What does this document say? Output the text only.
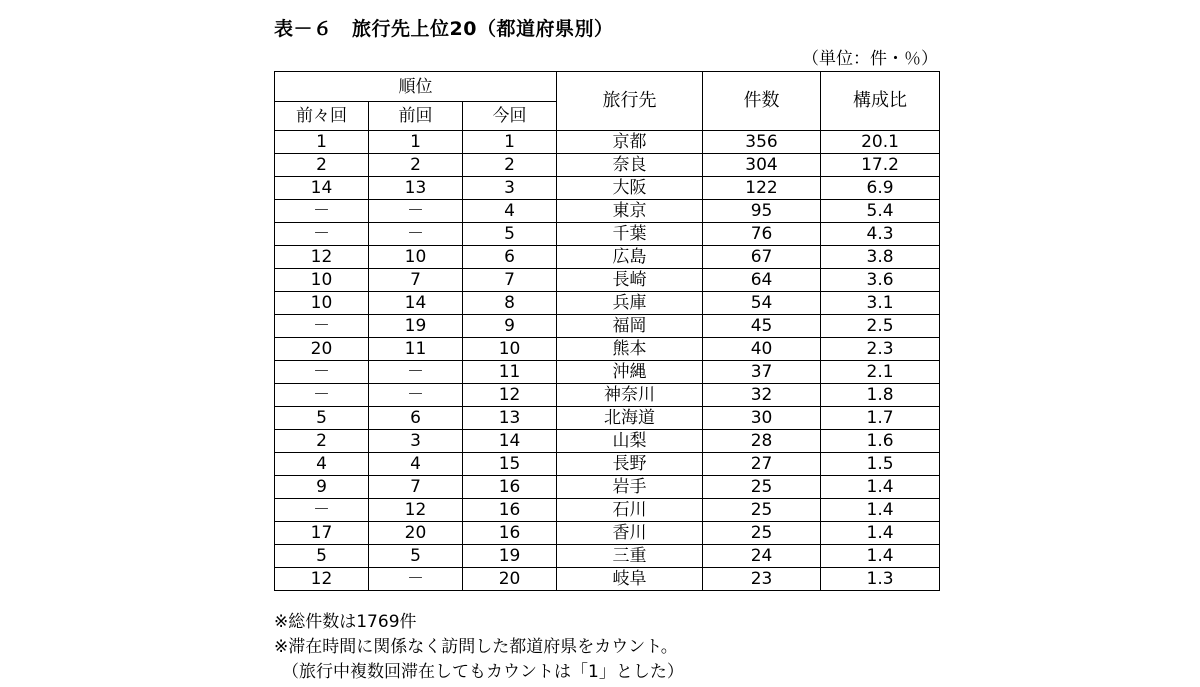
表－６　旅行先上位20（都道府県別）
（単位：件・％）
順位			旅行先	件数	構成比
前々回	前回	今回			
1	1	1	京都	356	20.1
2	2	2	奈良	304	17.2
14	13	3	大阪	122	6.9
－	－	4	東京	95	5.4
－	－	5	千葉	76	4.3
12	10	6	広島	67	3.8
10	7	7	長崎	64	3.6
10	14	8	兵庫	54	3.1
－	19	9	福岡	45	2.5
20	11	10	熊本	40	2.3
－	－	11	沖縄	37	2.1
－	－	12	神奈川	32	1.8
5	6	13	北海道	30	1.7
2	3	14	山梨	28	1.6
4	4	15	長野	27	1.5
9	7	16	岩手	25	1.4
－	12	16	石川	25	1.4
17	20	16	香川	25	1.4
5	5	19	三重	24	1.4
12	－	20	岐阜	23	1.3
※総件数は1769件
※滞在時間に関係なく訪問した都道府県をカウント。
（旅行中複数回滞在してもカウントは「1」とした）
